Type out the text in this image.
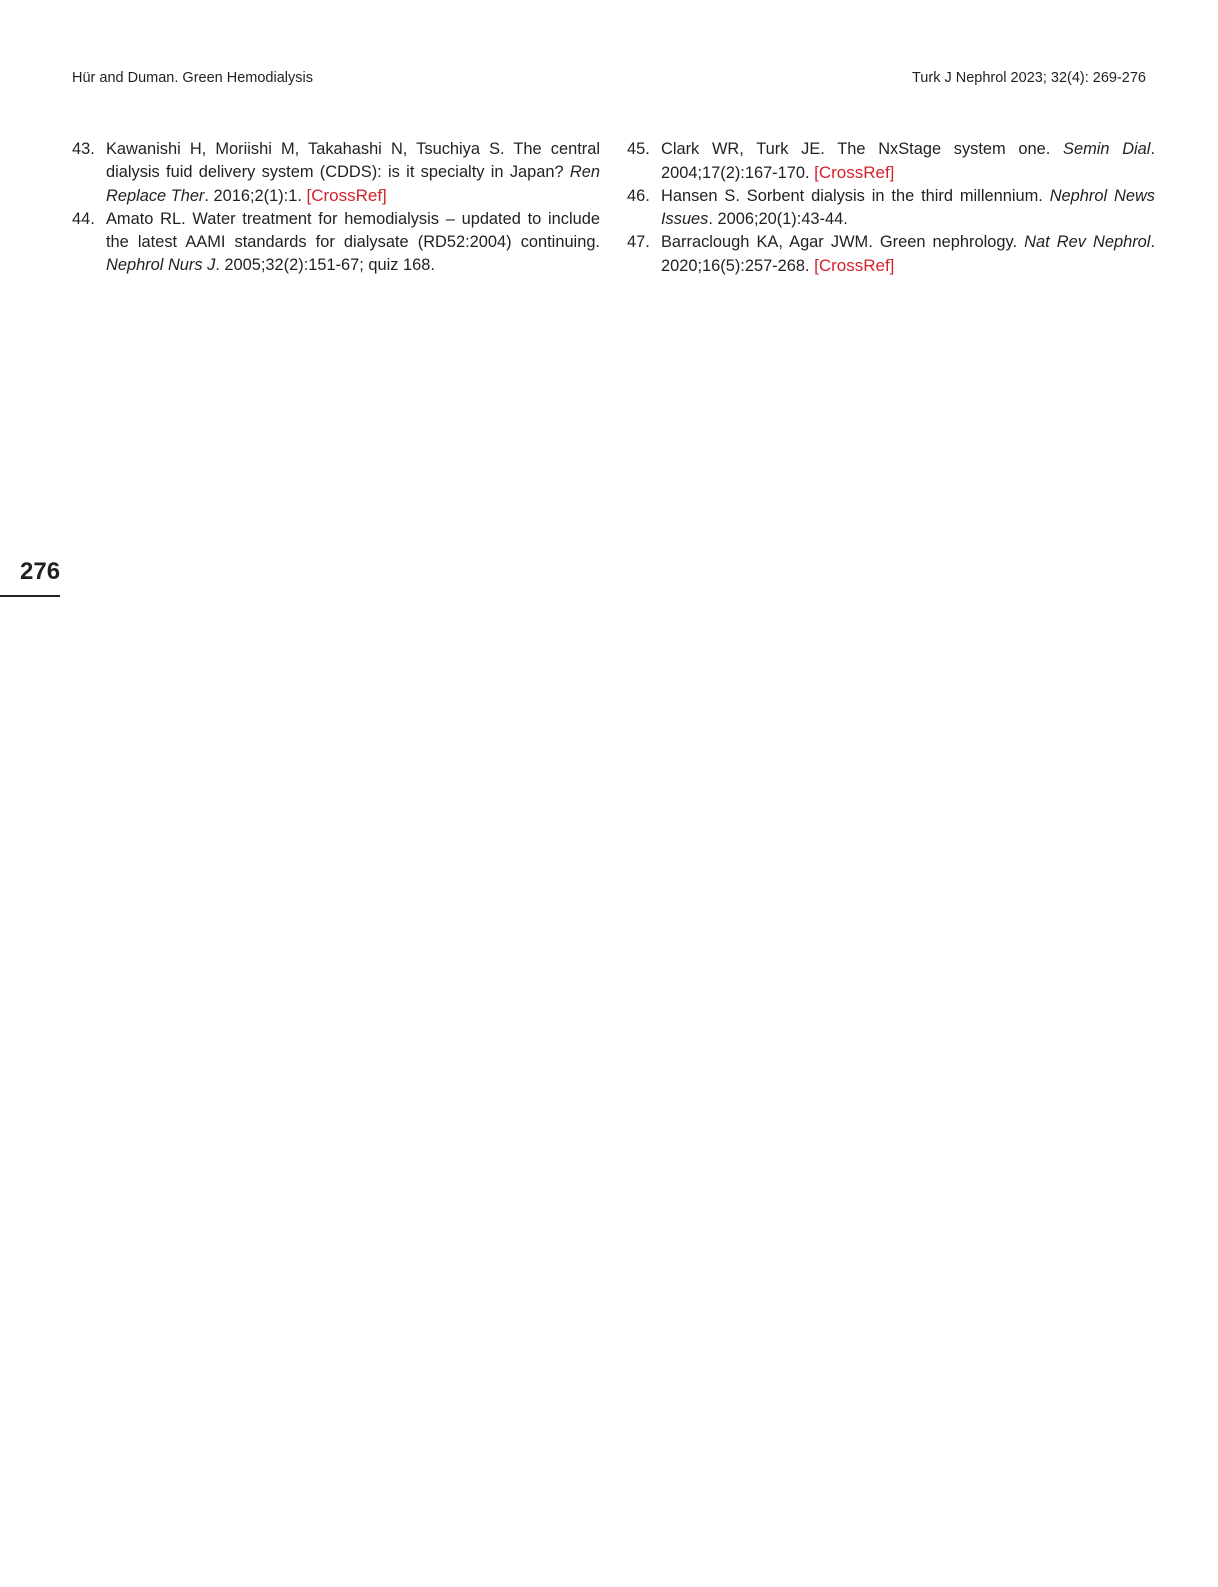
Hür and Duman. Green Hemodialysis	Turk J Nephrol 2023; 32(4): 269-276

43. Kawanishi H, Moriishi M, Takahashi N, Tsuchiya S. The central dialysis fuid delivery system (CDDS): is it specialty in Japan? Ren Replace Ther. 2016;2(1):1. [CrossRef]

44. Amato RL. Water treatment for hemodialysis – updated to include the latest AAMI standards for dialysate (RD52:2004) continuing. Nephrol Nurs J. 2005;32(2):151-67; quiz 168.

45. Clark WR, Turk JE. The NxStage system one. Semin Dial. 2004;17(2):167-170. [CrossRef]

46. Hansen S. Sorbent dialysis in the third millennium. Nephrol News Issues. 2006;20(1):43-44.

47. Barraclough KA, Agar JWM. Green nephrology. Nat Rev Nephrol. 2020;16(5):257-268. [CrossRef]

276
